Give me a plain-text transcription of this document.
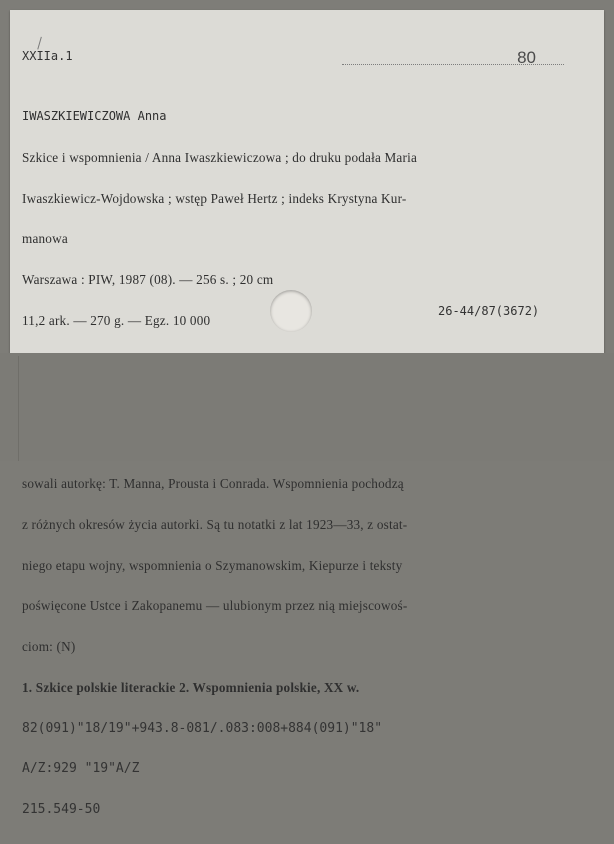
XXIIa.1	80

IWASZKIEWICZOWA Anna

Szkice i wspomnienia / Anna Iwaszkiewiczowa ; do druku podała Maria

Iwaszkiewicz-Wojdowska ; wstęp Paweł Hertz ; indeks Krystyna Kur-

manowa

Warszawa : PIW, 1987 (08). — 256 s. ; 20 cm

11,2 ark. — 270 g. — Egz. 10 000

sowali autorkę: T. Manna, Prousta i Conrada. Wspomnienia pochodzą

z różnych okresów życia autorki. Są tu notatki z lat 1923—33, z ostat-

niego etapu wojny, wspomnienia o Szymanowskim, Kiepurze i teksty

poświęcone Ustce i Zakopanemu — ulubionym przez nią miejscowoś-

ciom: (N)

1. Szkice polskie literackie 2. Wspomnienia polskie, XX w.

82(091)"18/19"+943.8-081/.083:008+884(091)"18"

A/Z:929 "19"A/Z

215.549-50

26-44/87(3672)
